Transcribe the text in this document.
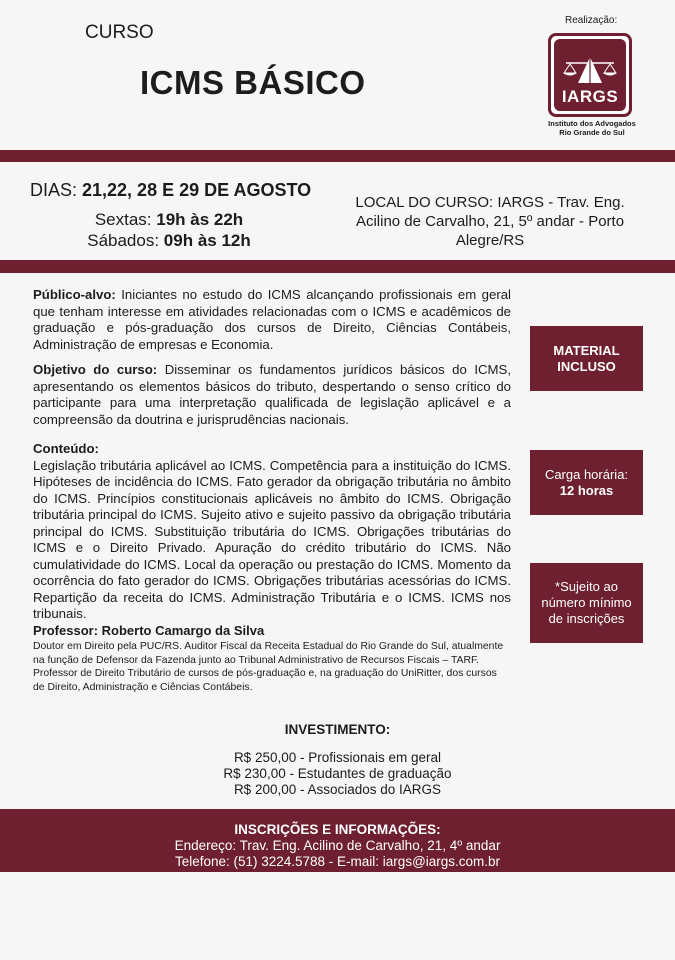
CURSO
ICMS BÁSICO
Realização:
IARGS
Instituto dos Advogados
Rio Grande do Sul
DIAS: 21,22, 28 E 29 DE AGOSTO
Sextas: 19h às 22h
Sábados: 09h às 12h
LOCAL DO CURSO: IARGS - Trav. Eng. Acilino de Carvalho, 21, 5º andar - Porto Alegre/RS

Público-alvo: Iniciantes no estudo do ICMS alcançando profissionais em geral que tenham interesse em atividades relacionadas com o ICMS e acadêmicos de graduação e pós-graduação dos cursos de Direito, Ciências Contábeis, Administração de empresas e Economia.

Objetivo do curso: Disseminar os fundamentos jurídicos básicos do ICMS, apresentando os elementos básicos do tributo, despertando o senso crítico do participante para uma interpretação qualificada de legislação aplicável e a compreensão da doutrina e jurisprudências nacionais.

Conteúdo:

Legislação tributária aplicável ao ICMS. Competência para a instituição do ICMS. Hipóteses de incidência do ICMS. Fato gerador da obrigação tributária no âmbito do ICMS. Princípios constitucionais aplicáveis no âmbito do ICMS. Obrigação tributária principal do ICMS. Sujeito ativo e sujeito passivo da obrigação tributária principal do ICMS. Substituição tributária do ICMS. Obrigações tributárias do ICMS e o Direito Privado. Apuração do crédito tributário do ICMS. Não cumulatividade do ICMS. Local da operação ou prestação do ICMS. Momento da ocorrência do fato gerador do ICMS. Obrigações tributárias acessórias do ICMS. Repartição da receita do ICMS. Administração Tributária e o ICMS. ICMS nos tribunais.

Professor: Roberto Camargo da Silva
Doutor em Direito pela PUC/RS. Auditor Fiscal da Receita Estadual do Rio Grande do Sul, atualmente na função de Defensor da Fazenda junto ao Tribunal Administrativo de Recursos Fiscais – TARF. Professor de Direito Tributário de cursos de pós-graduação e, na graduação do UniRitter, dos cursos de Direito, Administração e Ciências Contábeis.
MATERIAL
INCLUSO
Carga horária:
12 horas
*Sujeito ao
número mínimo
de inscrições
INVESTIMENTO:
R$ 250,00 - Profissionais em geral
R$ 230,00 - Estudantes de graduação
R$ 200,00 - Associados do IARGS
INSCRIÇÕES E INFORMAÇÕES:
Endereço: Trav. Eng. Acilino de Carvalho, 21, 4º andar
Telefone: (51) 3224.5788 - E-mail: iargs@iargs.com.br
